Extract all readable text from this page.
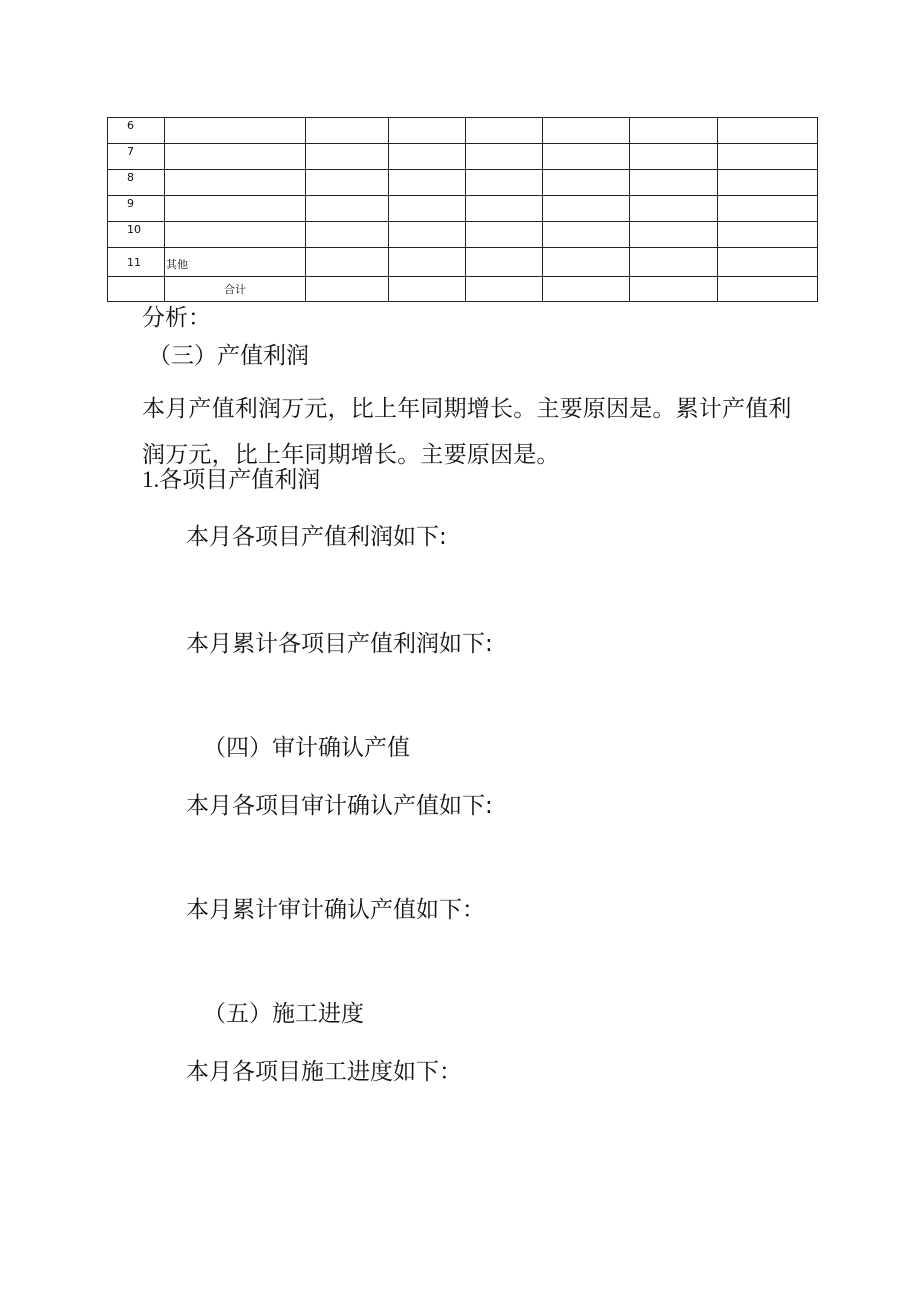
6							
7							
8							
9							
10							
11	其他						
	合计						

分析：

（三）产值利润

本月产值利润万元，比上年同期增长。主要原因是。累计产值利
润万元，比上年同期增长。主要原因是。

1.各项目产值利润

本月各项目产值利润如下:

本月累计各项目产值利润如下:

（四）审计确认产值

本月各项目审计确认产值如下:

本月累计审计确认产值如下：

（五）施工进度

本月各项目施工进度如下：
